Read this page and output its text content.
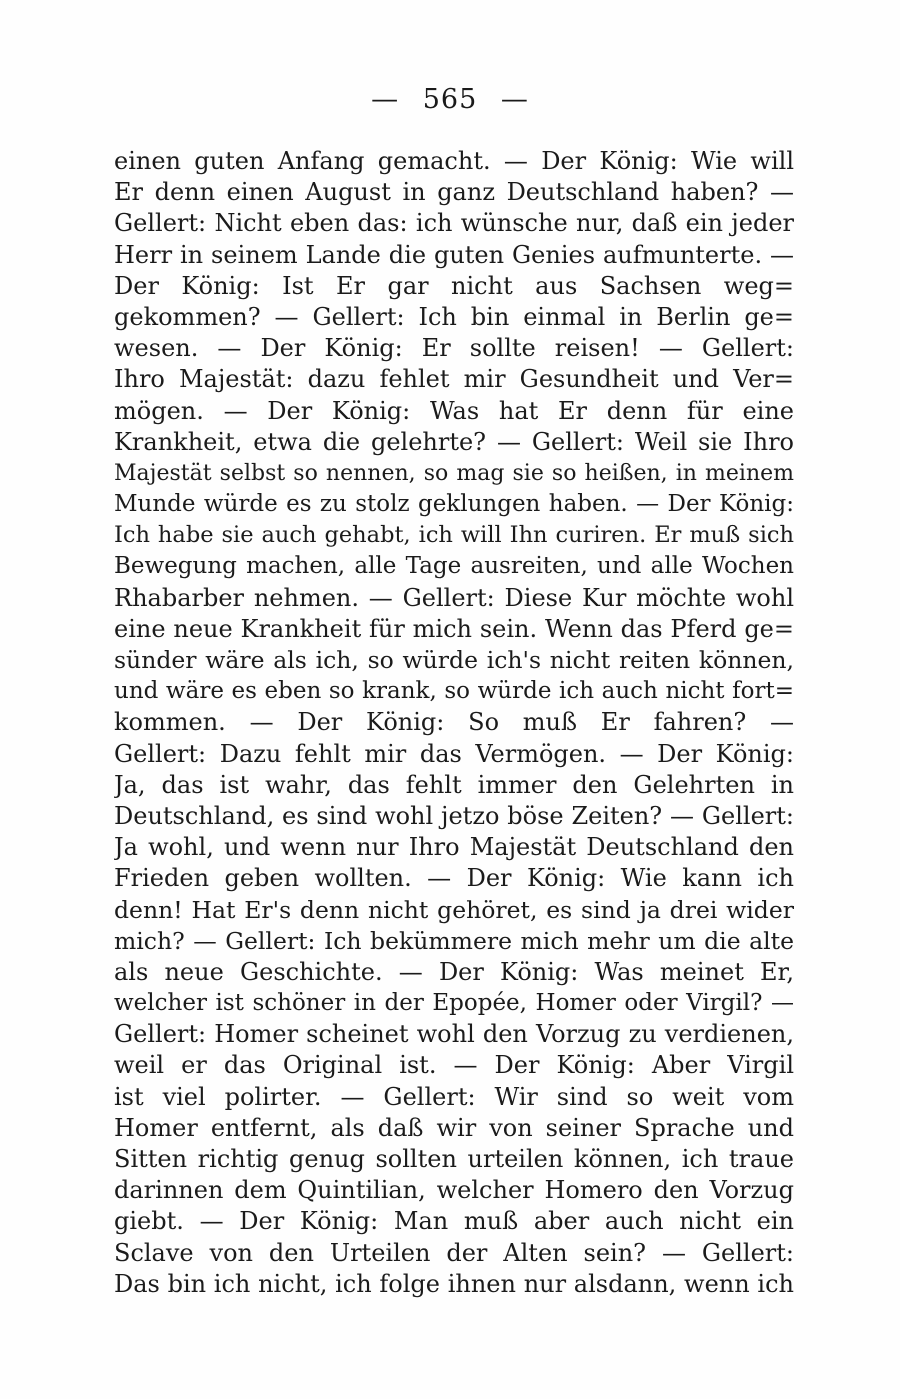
— 565 —
einen guten Anfang gemacht. — Der König: Wie will
Er denn einen August in ganz Deutschland haben? —
Gellert: Nicht eben das: ich wünsche nur, daß ein jeder
Herr in seinem Lande die guten Genies aufmunterte. —
Der König: Ist Er gar nicht aus Sachsen weg=
gekommen? — Gellert: Ich bin einmal in Berlin ge=
wesen. — Der König: Er sollte reisen! — Gellert:
Ihro Majestät: dazu fehlet mir Gesundheit und Ver=
mögen. — Der König: Was hat Er denn für eine
Krankheit, etwa die gelehrte? — Gellert: Weil sie Ihro
Majestät selbst so nennen, so mag sie so heißen, in meinem
Munde würde es zu stolz geklungen haben. — Der König:
Ich habe sie auch gehabt, ich will Ihn curiren. Er muß sich
Bewegung machen, alle Tage ausreiten, und alle Wochen
Rhabarber nehmen. — Gellert: Diese Kur möchte wohl
eine neue Krankheit für mich sein. Wenn das Pferd ge=
sünder wäre als ich, so würde ich's nicht reiten können,
und wäre es eben so krank, so würde ich auch nicht fort=
kommen. — Der König: So muß Er fahren? —
Gellert: Dazu fehlt mir das Vermögen. — Der König:
Ja, das ist wahr, das fehlt immer den Gelehrten in
Deutschland, es sind wohl jetzo böse Zeiten? — Gellert:
Ja wohl, und wenn nur Ihro Majestät Deutschland den
Frieden geben wollten. — Der König: Wie kann ich
denn! Hat Er's denn nicht gehöret, es sind ja drei wider
mich? — Gellert: Ich bekümmere mich mehr um die alte
als neue Geschichte. — Der König: Was meinet Er,
welcher ist schöner in der Epopée, Homer oder Virgil? —
Gellert: Homer scheinet wohl den Vorzug zu verdienen,
weil er das Original ist. — Der König: Aber Virgil
ist viel polirter. — Gellert: Wir sind so weit vom
Homer entfernt, als daß wir von seiner Sprache und
Sitten richtig genug sollten urteilen können, ich traue
darinnen dem Quintilian, welcher Homero den Vorzug
giebt. — Der König: Man muß aber auch nicht ein
Sclave von den Urteilen der Alten sein? — Gellert:
Das bin ich nicht, ich folge ihnen nur alsdann, wenn ich
